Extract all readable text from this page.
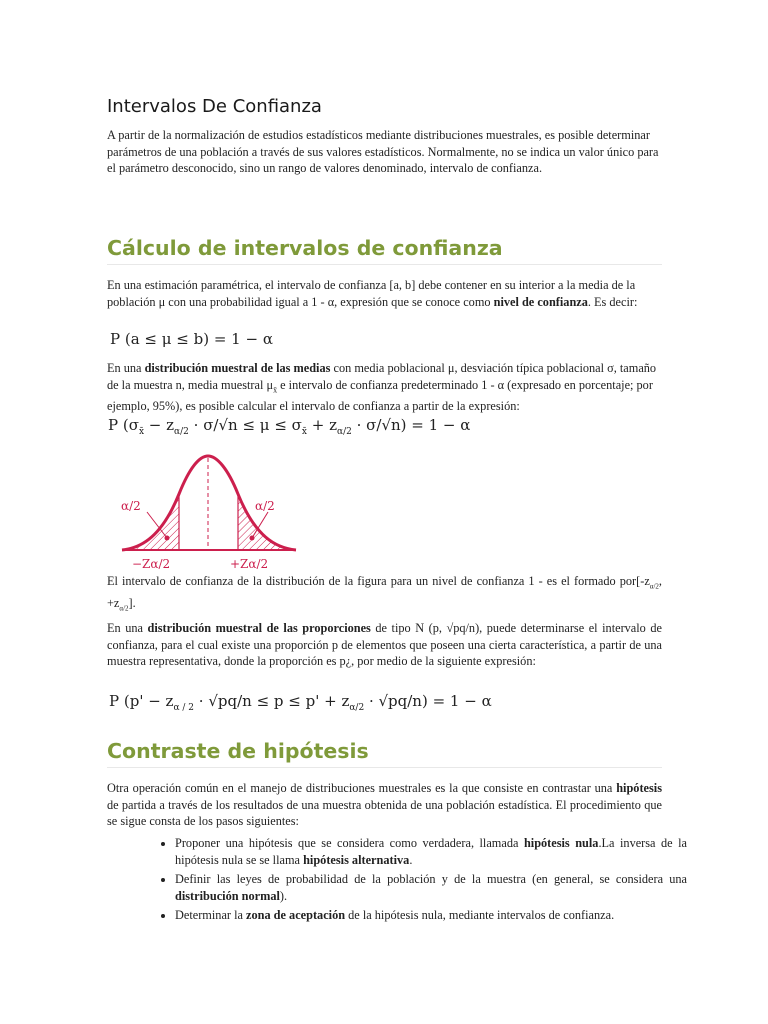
Intervalos De Confianza

A partir de la normalización de estudios estadísticos mediante distribuciones muestrales, es posible determinar parámetros de una población a través de sus valores estadísticos. Normalmente, no se indica un valor único para el parámetro desconocido, sino un rango de valores denominado, intervalo de confianza.

Cálculo de intervalos de confianza

En una estimación paramétrica, el intervalo de confianza [a, b] debe contener en su interior a la media de la población μ con una probabilidad igual a 1 - α, expresión que se conoce como nivel de confianza. Es decir:

P (a ≤ μ ≤ b) = 1 − α

En una distribución muestral de las medias con media poblacional μ, desviación típica poblacional σ, tamaño de la muestra n, media muestral $\mu_{x̄}$ e intervalo de confianza predeterminado 1 - α (expresado en porcentaje; por ejemplo, 95%), es posible calcular el intervalo de confianza a partir de la expresión:

P $(\sigma_{x̄} - z_{\alpha/2} \cdot \sigma/√n \le \mu \le \sigma_{x̄} + z_{\alpha/2} \cdot \sigma/√n) = 1 - \alpha$
α/2	α/2
−Zα/2	+Zα/2

El intervalo de confianza de la distribución de la figura para un nivel de confianza 1 - es el formado $por[-z_{\alpha/2}$, $+z_{\alpha/2}$].

En una distribución muestral de las proporciones de tipo N (p, √pq/n), puede determinarse el intervalo de confianza, para el cual existe una proporción p de elementos que poseen una cierta característica, a partir de una muestra representativa, donde la proporción es p¿, por medio de la siguiente expresión:

P $(p' - z_{\alpha / 2} \cdot √pq/n \le p \le p' + z_{\alpha/2} \cdot √pq/n) = 1 - \alpha$
Contraste de hipótesis

Otra operación común en el manejo de distribuciones muestrales es la que consiste en contrastar una hipótesis de partida a través de los resultados de una muestra obtenida de una población estadística. El procedimiento que se sigue consta de los pasos siguientes:

• Proponer una hipótesis que se considera como verdadera, llamada hipótesis nula.La inversa de la hipótesis nula se se llama hipótesis alternativa.
• Definir las leyes de probabilidad de la población y de la muestra (en general, se considera una distribución normal).
• Determinar la zona de aceptación de la hipótesis nula, mediante intervalos de confianza.
